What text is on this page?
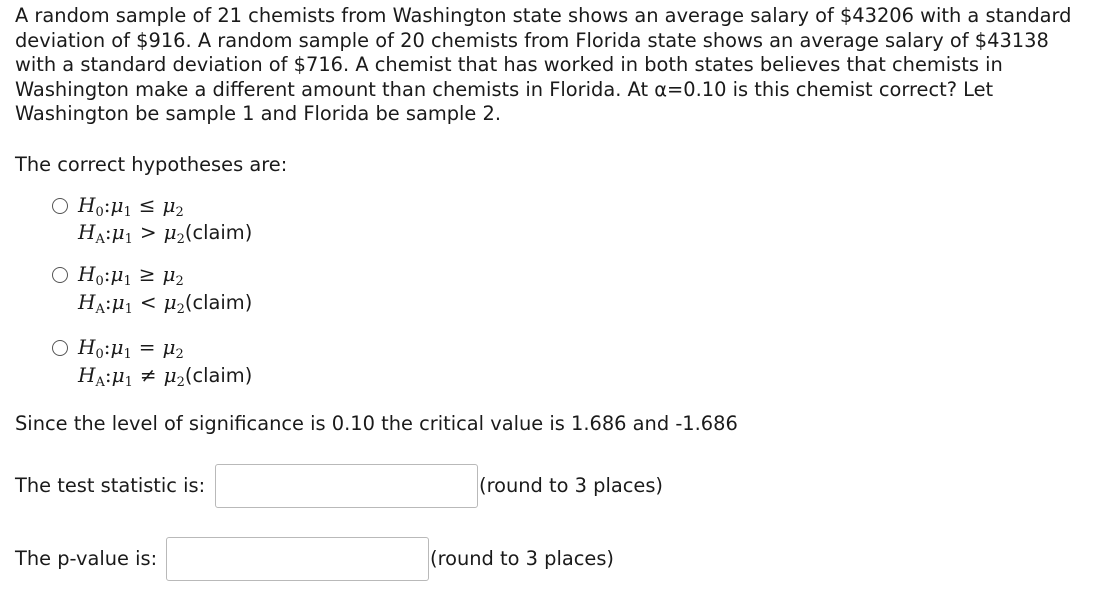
A random sample of 21 chemists from Washington state shows an average salary of $43206 with a standard deviation of $916. A random sample of 20 chemists from Florida state shows an average salary of $43138 with a standard deviation of $716. A chemist that has worked in both states believes that chemists in Washington make a different amount than chemists in Florida. At α=0.10 is this chemist correct? Let Washington be sample 1 and Florida be sample 2.

The correct hypotheses are:
$H_0:\mu_1 \le \mu_2$
$H_A:\mu_1$ > $\mu_2(claim)$
$H_0:\mu_1 \ge \mu_2$
$H_A:\mu_1$ < $\mu_2(claim)$
$H_0:\mu_1 = \mu_2$
$H_A:\mu_1$ ≠ $\mu_2(claim)$
Since the level of significance is 0.10 the critical value is 1.686 and -1.686
The test statistic is:	(round to 3 places)
The p-value is:	(round to 3 places)
